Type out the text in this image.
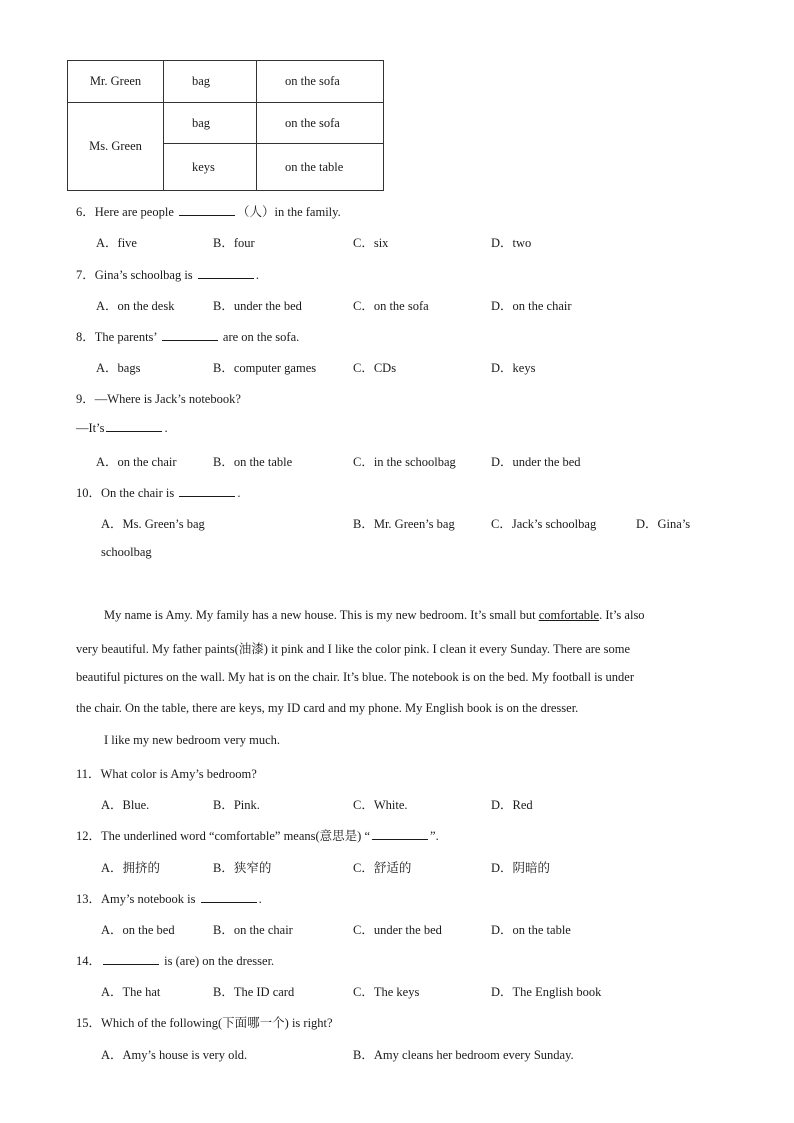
Mr. Green	bag	on the sofa
Ms. Green	bag	on the sofa
	keys	on the table
6．Here are people	（人）in the family.
A．five	B．four	C．six	D．two
7．Gina’s schoolbag is	.
A．on the desk	B．under the bed	C．on the sofa	D．on the chair
8．The parents’	are on the sofa.
A．bags	B．computer games	C．CDs	D．keys
9．—Where is Jack’s notebook?
—It’s	.
A．on the chair	B．on the table	C．in the schoolbag	D．under the bed
10．On the chair is	.
A．Ms. Green’s bag	B．Mr. Green’s bag	C．Jack’s schoolbag	D．Gina’s
schoolbag
My name is Amy. My family has a new house. This is my new bedroom. It’s small but comfortable. It’s also
very beautiful. My father paints(油漆) it pink and I like the color pink. I clean it every Sunday. There are some
beautiful pictures on the wall. My hat is on the chair. It’s blue. The notebook is on the bed. My football is under
the chair. On the table, there are keys, my ID card and my phone. My English book is on the dresser.
I like my new bedroom very much.
11．What color is Amy’s bedroom?
A．Blue.	B．Pink.	C．White.	D．Red
12．The underlined word “comfortable” means(意思是) “	”.
A．拥挤的	B．狭窄的	C．舒适的	D．阴暗的
13．Amy’s notebook is	.
A．on the bed	B．on the chair	C．under the bed	D．on the table
14．	is (are) on the dresser.
A．The hat	B．The ID card	C．The keys	D．The English book
15．Which of the following(下面哪一个) is right?
A．Amy’s house is very old.	B．Amy cleans her bedroom every Sunday.
